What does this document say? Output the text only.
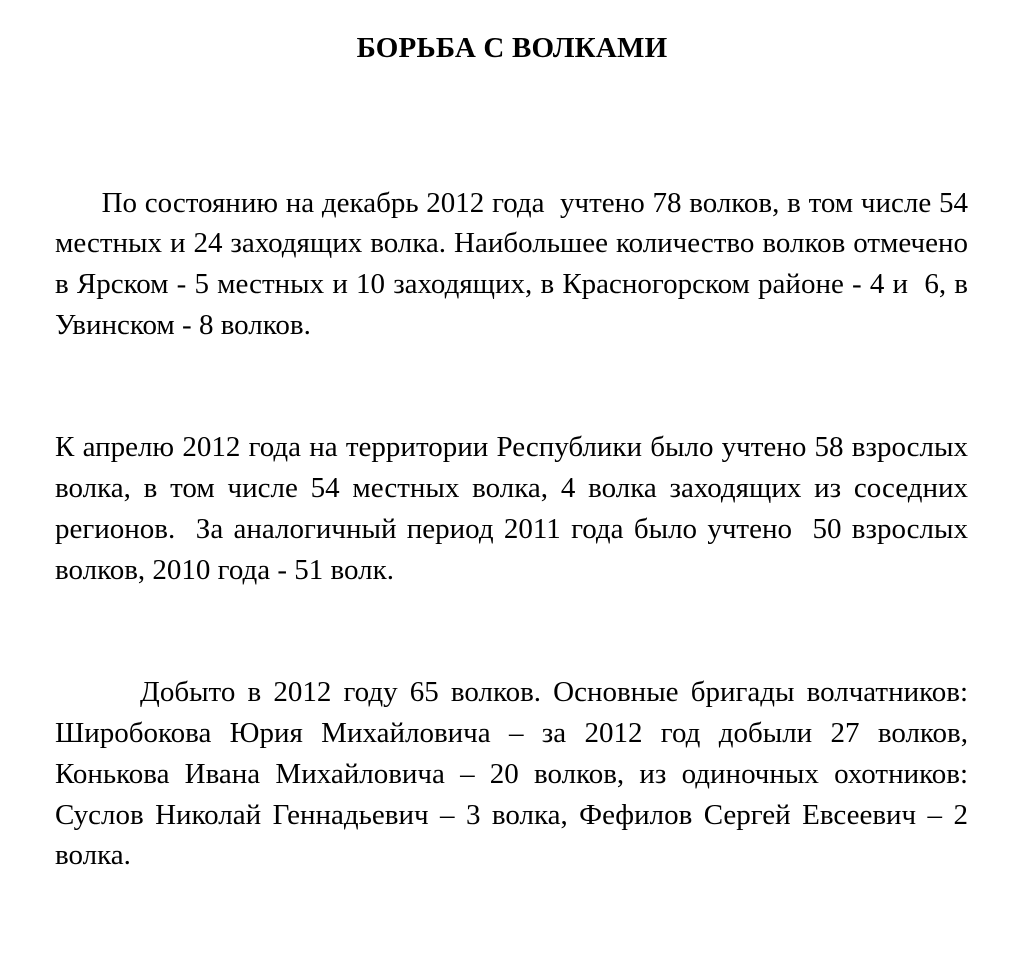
БОРЬБА С ВОЛКАМИ

По состоянию на декабрь 2012 года  учтено 78 волков, в том числе 54 местных и 24 заходящих волка. Наибольшее количество волков отмечено в Ярском - 5 местных и 10 заходящих, в Красногорском районе - 4 и  6, в Увинском - 8 волков.

К апрелю 2012 года на территории Республики было учтено 58 взрослых  волка, в том числе 54 местных волка, 4 волка заходящих из соседних регионов.  За аналогичный период 2011 года было учтено  50 взрослых волков, 2010 года - 51 волк.

Добыто в 2012 году 65 волков. Основные бригады волчатников: Широбокова Юрия Михайловича – за 2012 год добыли 27 волков, Конькова Ивана Михайловича – 20 волков, из одиночных охотников: Суслов Николай Геннадьевич – 3 волка, Фефилов Сергей Евсеевич – 2 волка.
